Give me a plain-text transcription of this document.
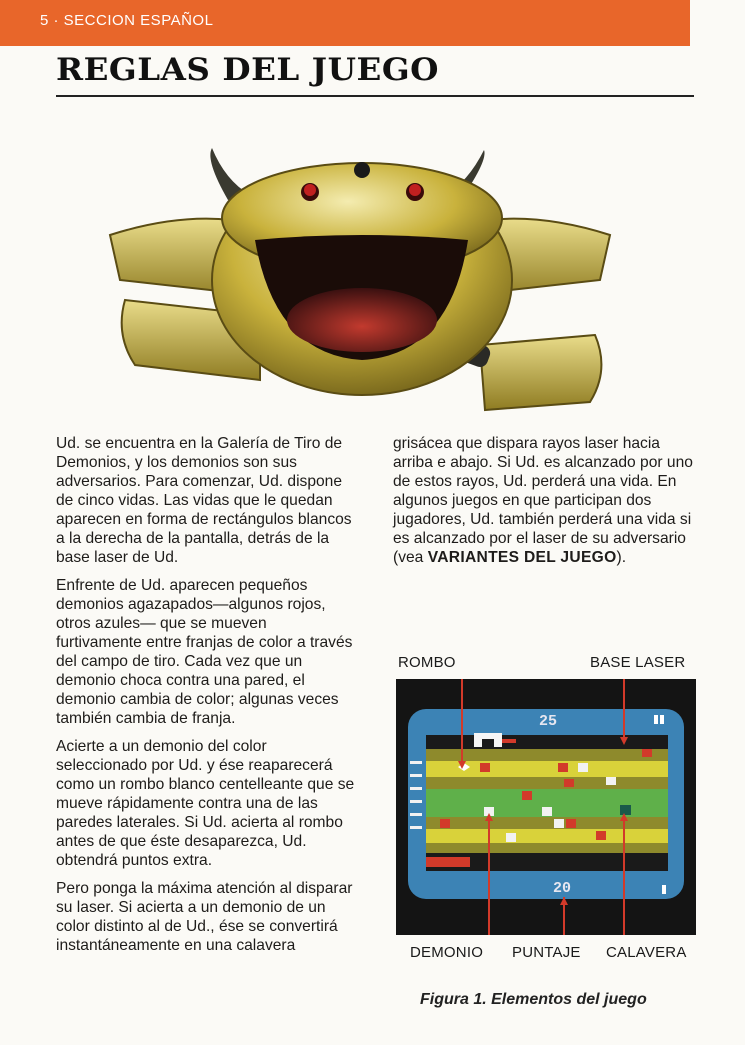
5 · SECCION ESPAÑOL
REGLAS DEL JUEGO

Ud. se encuentra en la Galería de Tiro de Demonios, y los demonios son sus adversarios. Para comenzar, Ud. dispone de cinco vidas. Las vidas que le quedan aparecen en forma de rectángulos blancos a la derecha de la pantalla, detrás de la base laser de Ud.

Enfrente de Ud. aparecen pequeños demonios agazapados—algunos rojos, otros azules— que se mueven furtivamente entre franjas de color a través del campo de tiro. Cada vez que un demonio choca contra una pared, el demonio cambia de color; algunas veces también cambia de franja.

Acierte a un demonio del color seleccionado por Ud. y ése reaparecerá como un rombo blanco centelleante que se mueve rápidamente contra una de las paredes laterales. Si Ud. acierta al rombo antes de que éste desaparezca, Ud. obtendrá puntos extra.

Pero ponga la máxima atención al disparar su laser. Si acierta a un demonio de un color distinto al de Ud., ése se convertirá instantáneamente en una calavera

grisácea que dispara rayos laser hacia arriba e abajo. Si Ud. es alcanzado por uno de estos rayos, Ud. perderá una vida. En algunos juegos en que participan dos jugadores, Ud. también perderá una vida si es alcanzado por el laser de su adversario (vea VARIANTES DEL JUEGO).

ROMBO	BASE LASER
25
20
DEMONIO PUNTAJE CALAVERA
Figura 1. Elementos del juego
